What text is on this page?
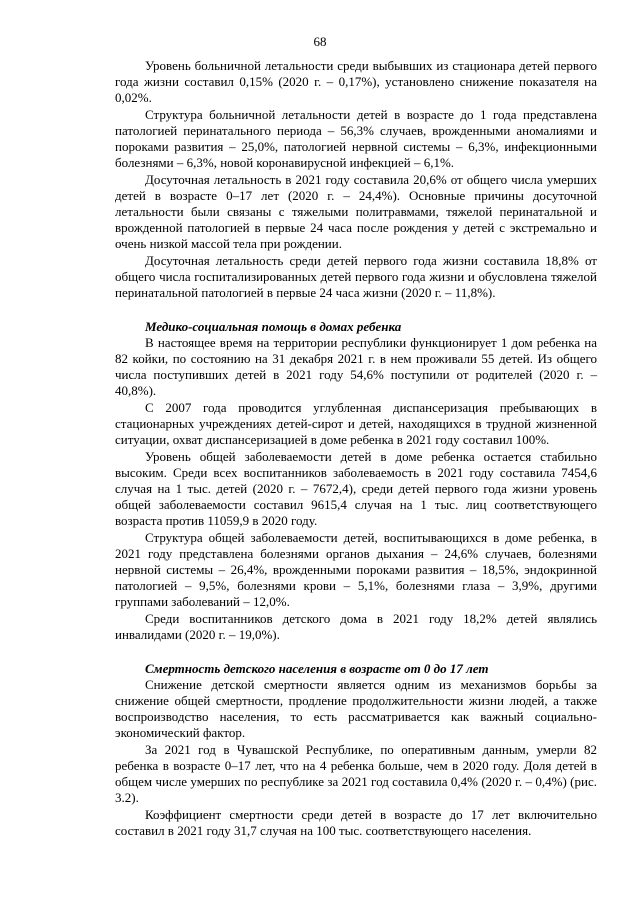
68

Уровень больничной летальности среди выбывших из стационара детей первого года жизни составил 0,15% (2020 г. – 0,17%), установлено снижение показателя на 0,02%.

Структура больничной летальности детей в возрасте до 1 года представлена патологией перинатального периода – 56,3% случаев, врожденными аномалиями и пороками развития – 25,0%, патологией нервной системы – 6,3%, инфекционными болезнями – 6,3%, новой коронавирусной инфекцией – 6,1%.

Досуточная летальность в 2021 году составила 20,6% от общего числа умерших детей в возрасте 0–17 лет (2020 г. – 24,4%). Основные причины досуточной летальности были связаны с тяжелыми политравмами, тяжелой перинатальной и врожденной патологией в первые 24 часа после рождения у детей с экстремально и очень низкой массой тела при рождении.

Досуточная летальность среди детей первого года жизни составила 18,8% от общего числа госпитализированных детей первого года жизни и обусловлена тяжелой перинатальной патологией в первые 24 часа жизни (2020 г. – 11,8%).

Медико-социальная помощь в домах ребенка

В настоящее время на территории республики функционирует 1 дом ребенка на 82 койки, по состоянию на 31 декабря 2021 г. в нем проживали 55 детей. Из общего числа поступивших детей в 2021 году 54,6% поступили от родителей (2020 г. – 40,8%).

С 2007 года проводится углубленная диспансеризация пребывающих в стационарных учреждениях детей-сирот и детей, находящихся в трудной жизненной ситуации, охват диспансеризацией в доме ребенка в 2021 году составил 100%.

Уровень общей заболеваемости детей в доме ребенка остается стабильно высоким. Среди всех воспитанников заболеваемость в 2021 году составила 7454,6 случая на 1 тыс. детей (2020 г. – 7672,4), среди детей первого года жизни уровень общей заболеваемости составил 9615,4 случая на 1 тыс. лиц соответствующего возраста против 11059,9 в 2020 году.

Структура общей заболеваемости детей, воспитывающихся в доме ребенка, в 2021 году представлена болезнями органов дыхания – 24,6% случаев, болезнями нервной системы – 26,4%, врожденными пороками развития – 18,5%, эндокринной патологией – 9,5%, болезнями крови – 5,1%, болезнями глаза – 3,9%, другими группами заболеваний – 12,0%.

Среди воспитанников детского дома в 2021 году 18,2% детей являлись инвалидами (2020 г. – 19,0%).

Смертность детского населения в возрасте от 0 до 17 лет

Снижение детской смертности является одним из механизмов борьбы за снижение общей смертности, продление продолжительности жизни людей, а также воспроизводство населения, то есть рассматривается как важный социально-экономический фактор.

За 2021 год в Чувашской Республике, по оперативным данным, умерли 82 ребенка в возрасте 0–17 лет, что на 4 ребенка больше, чем в 2020 году. Доля детей в общем числе умерших по республике за 2021 год составила 0,4% (2020 г. – 0,4%) (рис. 3.2).

Коэффициент смертности среди детей в возрасте до 17 лет включительно составил в 2021 году 31,7 случая на 100 тыс. соответствующего населения.
